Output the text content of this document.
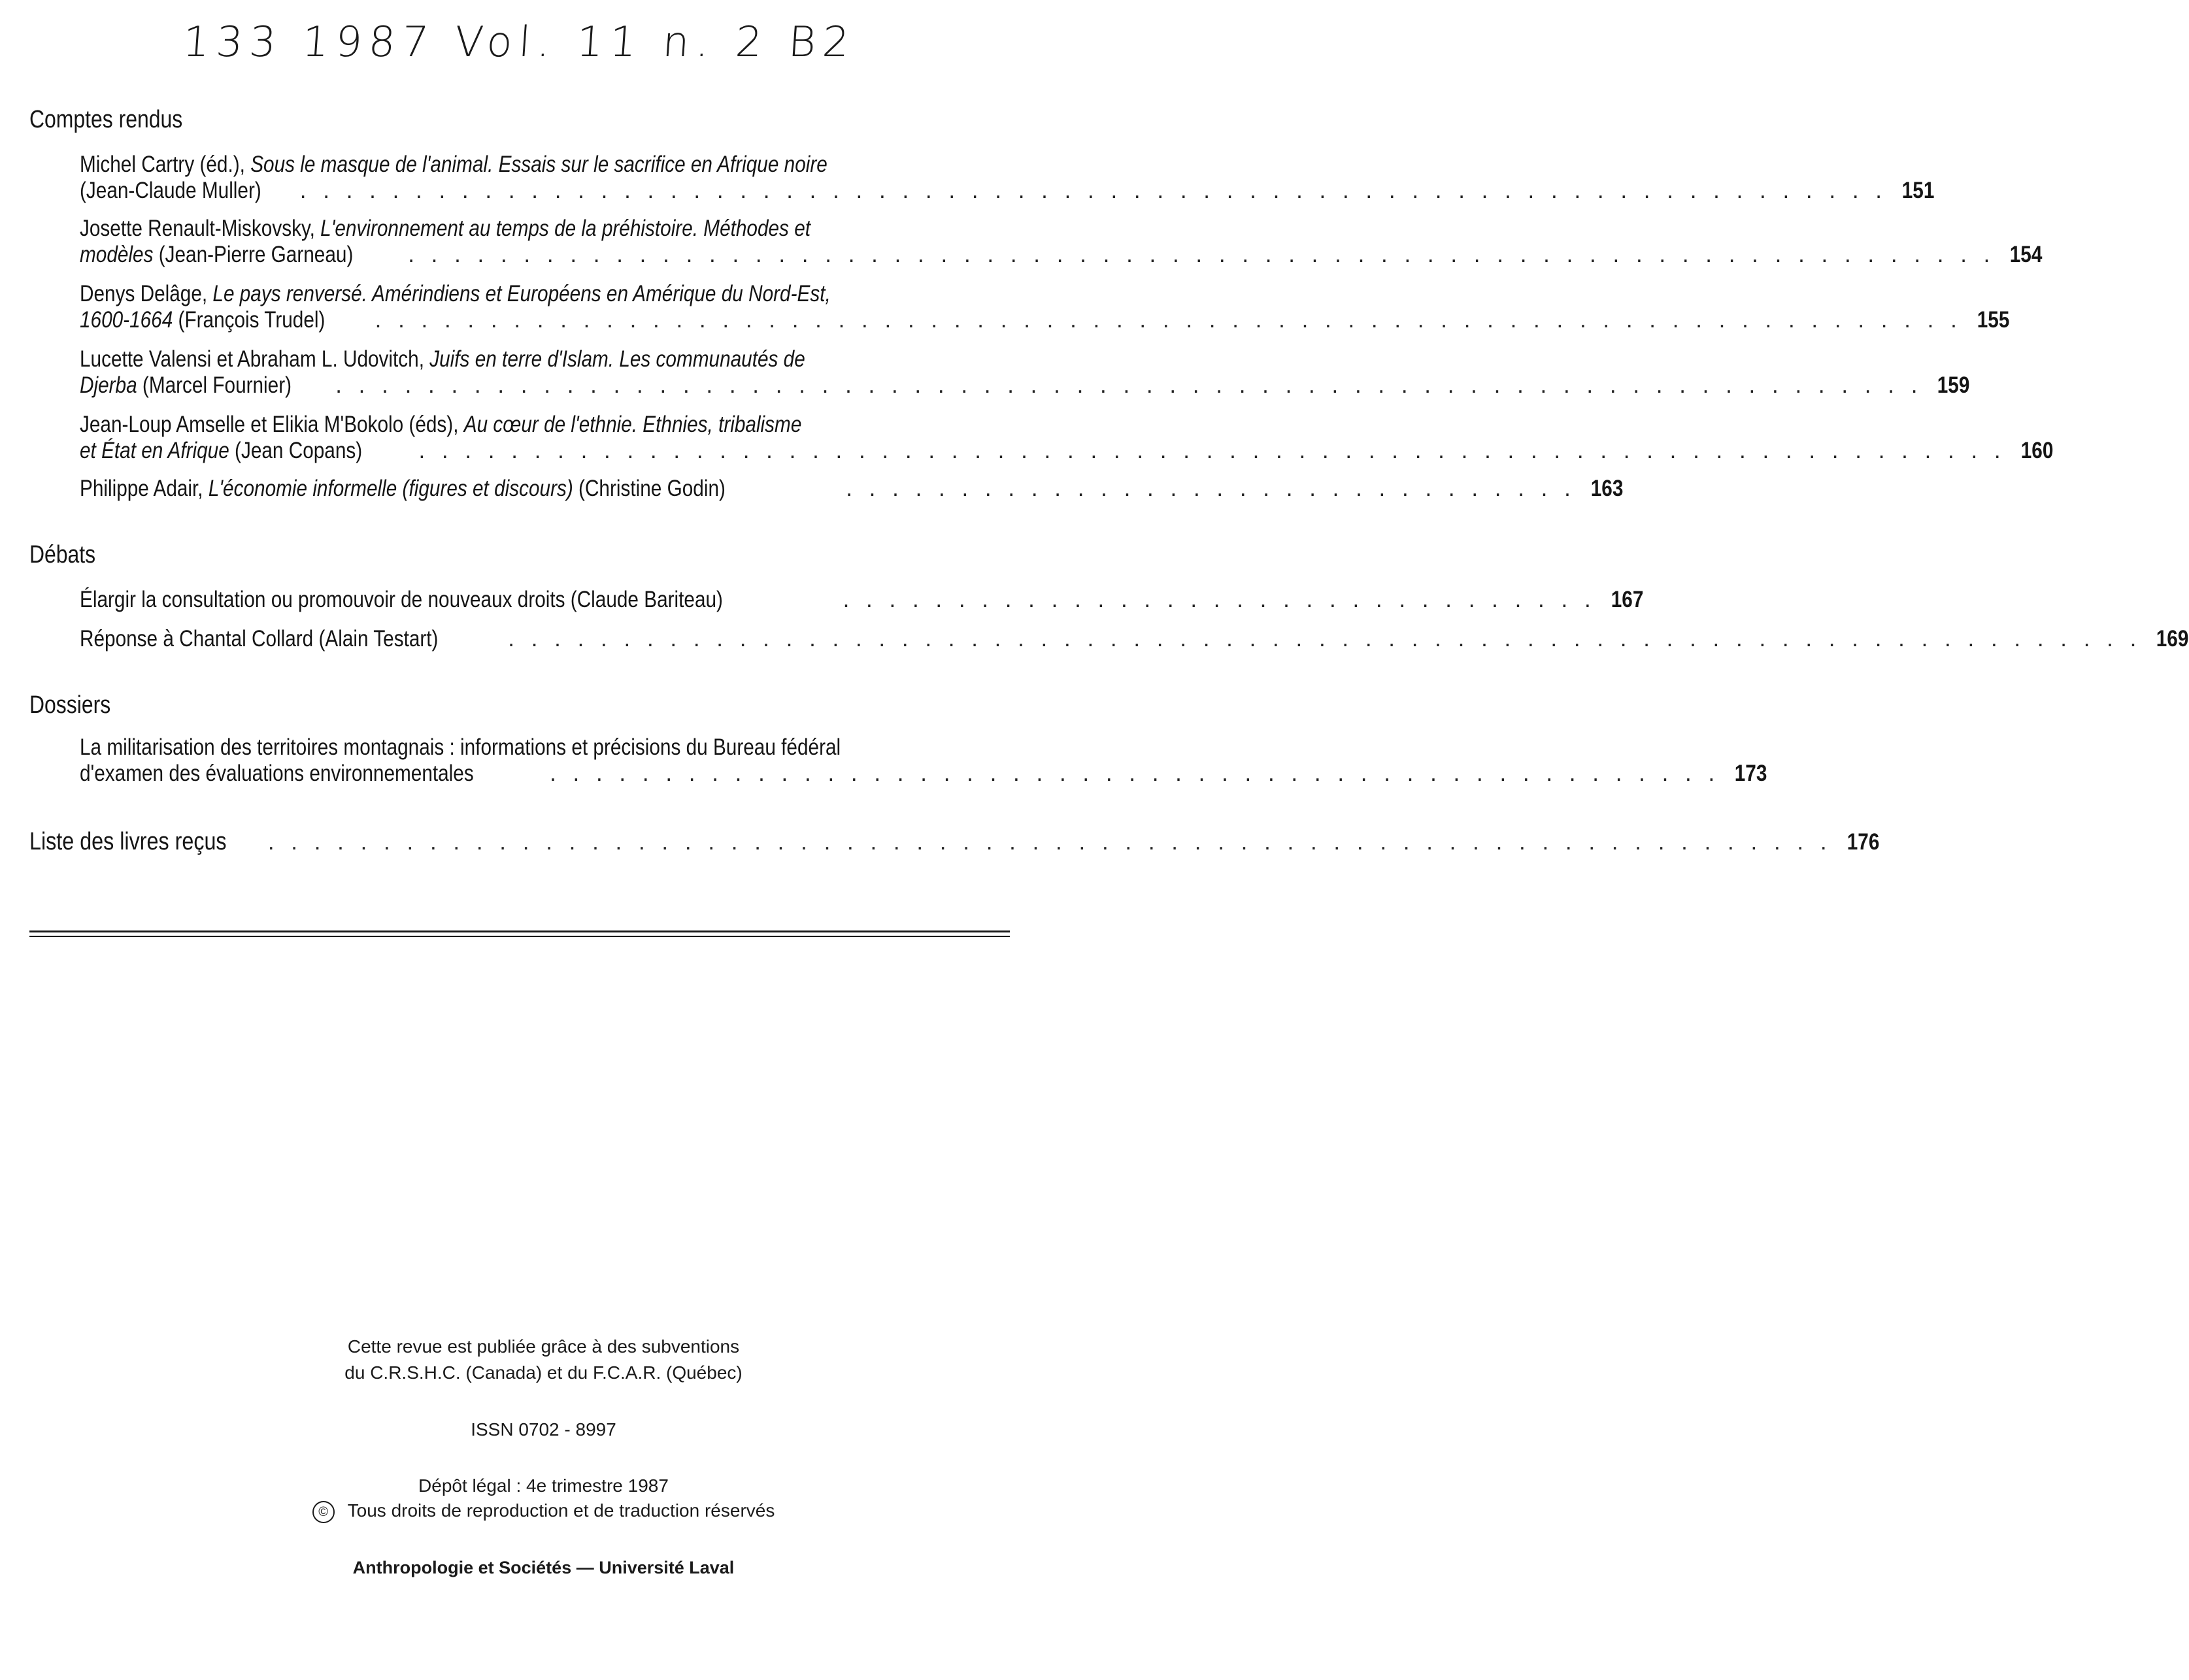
133 1987 Vol. 11 n. 2 B2
Comptes rendus
Michel Cartry (éd.), Sous le masque de l'animal. Essais sur le sacrifice en Afrique noire
(Jean-Claude Muller) . . . . . . . . . . . . . . . . . . . . . . . . . . . . . . . . . . . . . . . . . . . . . . . . . . . . . . . . . . . . . . . . . . . . . 151
Josette Renault-Miskovsky, L'environnement au temps de la préhistoire. Méthodes et
modèles (Jean-Pierre Garneau) . . . . . . . . . . . . . . . . . . . . . . . . . . . . . . . . . . . . . . . . . . . . . . . . . . . . . . . . . . . . . . . . . . . . . 154
Denys Delâge, Le pays renversé. Amérindiens et Européens en Amérique du Nord-Est,
1600-1664 (François Trudel) . . . . . . . . . . . . . . . . . . . . . . . . . . . . . . . . . . . . . . . . . . . . . . . . . . . . . . . . . . . . . . . . . . . . . 155
Lucette Valensi et Abraham L. Udovitch, Juifs en terre d'Islam. Les communautés de
Djerba (Marcel Fournier) . . . . . . . . . . . . . . . . . . . . . . . . . . . . . . . . . . . . . . . . . . . . . . . . . . . . . . . . . . . . . . . . . . . . . 159
Jean-Loup Amselle et Elikia M'Bokolo (éds), Au cœur de l'ethnie. Ethnies, tribalisme
et État en Afrique (Jean Copans) . . . . . . . . . . . . . . . . . . . . . . . . . . . . . . . . . . . . . . . . . . . . . . . . . . . . . . . . . . . . . . . . . . . . . 160
Philippe Adair, L'économie informelle (figures et discours) (Christine Godin)	. . . . . . . . . . . . . . . . . . . . . . . . . . . . . . . . 163
Débats
Élargir la consultation ou promouvoir de nouveaux droits (Claude Bariteau)	. . . . . . . . . . . . . . . . . . . . . . . . . . . . . . . . . 167
Réponse à Chantal Collard (Alain Testart)	. . . . . . . . . . . . . . . . . . . . . . . . . . . . . . . . . . . . . . . . . . . . . . . . . . . . . . . . . . . . . . . . . . . . . . . 169
Dossiers
La militarisation des territoires montagnais : informations et précisions du Bureau fédéral
d'examen des évaluations environnementales	. . . . . . . . . . . . . . . . . . . . . . . . . . . . . . . . . . . . . . . . . . . . . . . . . . . 173
Liste des livres reçus . . . . . . . . . . . . . . . . . . . . . . . . . . . . . . . . . . . . . . . . . . . . . . . . . . . . . . . . . . . . . . . . . . . . 176
Cette revue est publiée grâce à des subventions
du C.R.S.H.C. (Canada) et du F.C.A.R. (Québec)
ISSN 0702 - 8997
Dépôt légal : 4e trimestre 1987
© Tous droits de reproduction et de traduction réservés
Anthropologie et Sociétés — Université Laval
